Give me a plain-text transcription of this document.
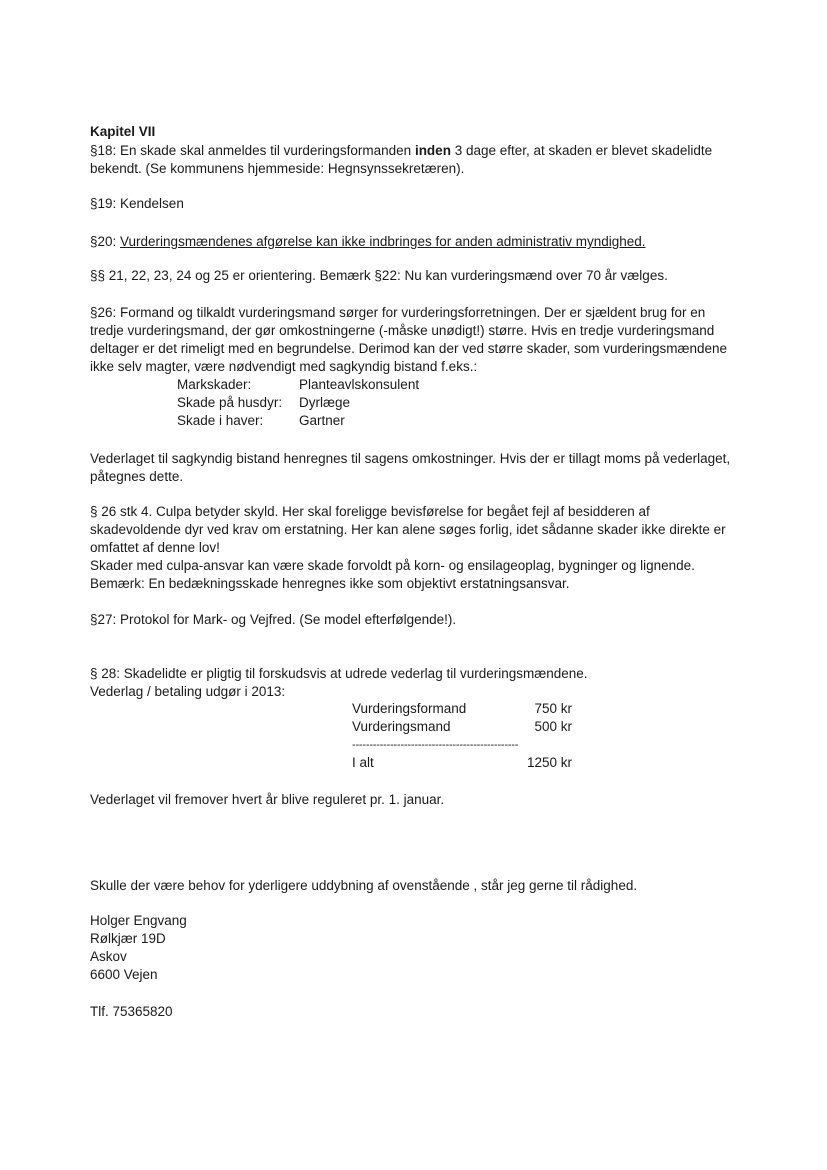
Kapitel VII
§18: En skade skal anmeldes til vurderingsformanden inden 3 dage efter, at skaden er blevet skadelidte
bekendt. (Se kommunens hjemmeside: Hegnsynssekretæren).
§19: Kendelsen
§20: Vurderingsmændenes afgørelse kan ikke indbringes for anden administrativ myndighed.
§§ 21, 22, 23, 24 og 25 er orientering. Bemærk §22: Nu kan vurderingsmænd over 70 år vælges.
§26: Formand og tilkaldt vurderingsmand sørger for vurderingsforretningen. Der er sjældent brug for en
tredje vurderingsmand, der gør omkostningerne (-måske unødigt!) større. Hvis en tredje vurderingsmand
deltager er det rimeligt med en begrundelse. Derimod kan der ved større skader, som vurderingsmændene
ikke selv magter, være nødvendigt med sagkyndig bistand f.eks.:
Markskader:	Planteavlskonsulent
Skade på husdyr: Dyrlæge
Skade i haver:	Gartner
Vederlaget til sagkyndig bistand henregnes til sagens omkostninger. Hvis der er tillagt moms på vederlaget,
påtegnes dette.
§ 26 stk 4. Culpa betyder skyld. Her skal foreligge bevisførelse for begået fejl af besidderen af
skadevoldende dyr ved krav om erstatning. Her kan alene søges forlig, idet sådanne skader ikke direkte er
omfattet af denne lov!
Skader med culpa-ansvar kan være skade forvoldt på korn- og ensilageoplag, bygninger og lignende.
Bemærk: En bedækningsskade henregnes ikke som objektivt erstatningsansvar.
§27: Protokol for Mark- og Vejfred. (Se model efterfølgende!).
§ 28: Skadelidte er pligtig til forskudsvis at udrede vederlag til vurderingsmændene.
Vederlag / betaling udgør i 2013:
Vurderingsformand	750 kr
Vurderingsmand	500 kr
------------------------------------------------
I alt	1250 kr
Vederlaget vil fremover hvert år blive reguleret pr. 1. januar.
Skulle der være behov for yderligere uddybning af ovenstående , står jeg gerne til rådighed.
Holger Engvang
Rølkjær 19D
Askov
6600 Vejen
Tlf. 75365820
